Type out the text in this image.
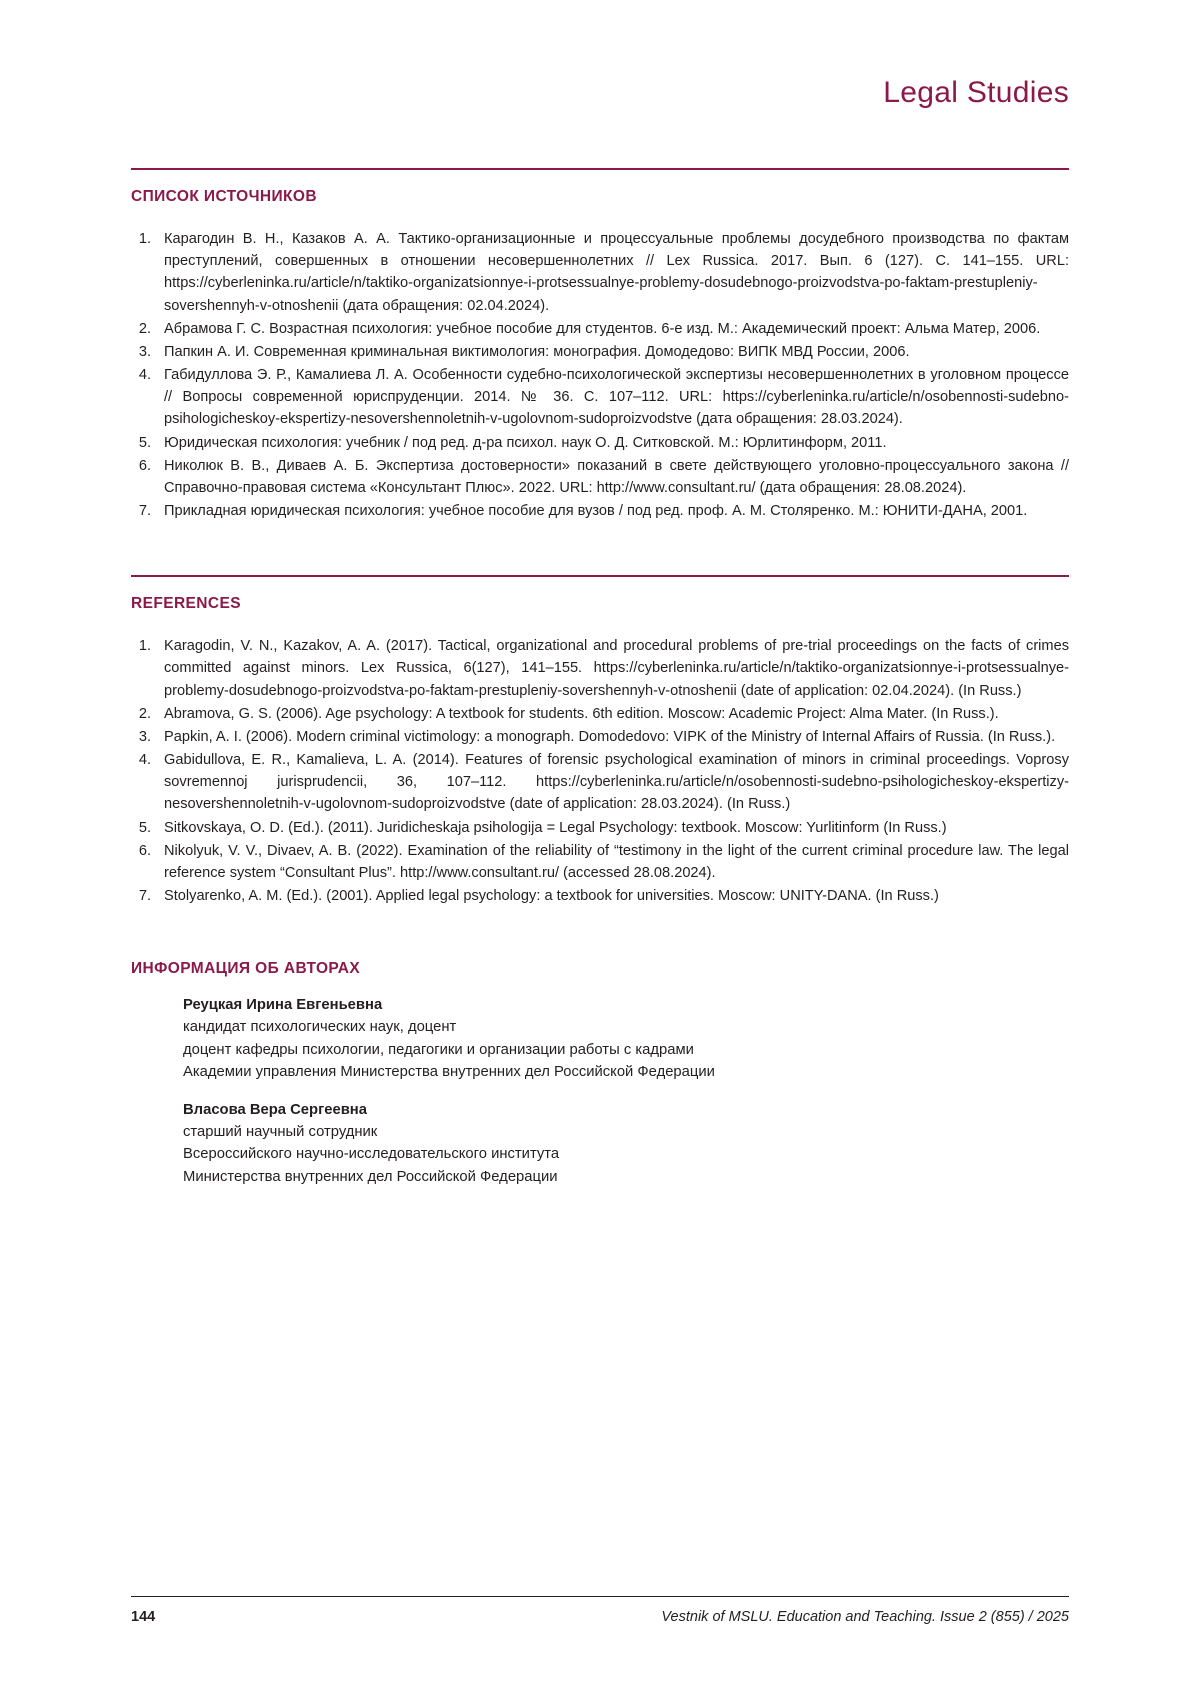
Legal Studies
СПИСОК ИСТОЧНИКОВ
1. Карагодин В. Н., Казаков А. А. Тактико-организационные и процессуальные проблемы досудебного производства по фактам преступлений, совершенных в отношении несовершеннолетних // Lex Russica. 2017. Вып. 6 (127). С. 141–155. URL: https://cyberleninka.ru/article/n/taktiko-organizatsionnye-i-protsessualnye-problemy-dosudebnogo-proizvodstva-po-faktam-prestupleniy-sovershennyh-v-otnoshenii (дата обращения: 02.04.2024).
2. Абрамова Г. С. Возрастная психология: учебное пособие для студентов. 6-е изд. М.: Академический проект: Альма Матер, 2006.
3. Папкин А. И. Современная криминальная виктимология: монография. Домодедово: ВИПК МВД России, 2006.
4. Габидуллова Э. Р., Камалиева Л. А. Особенности судебно-психологической экспертизы несовершеннолетних в уголовном процессе // Вопросы современной юриспруденции. 2014. № 36. С. 107–112. URL: https://cyberleninka.ru/article/n/osobennosti-sudebno-psihologicheskoy-ekspertizy-nesovershennoletnih-v-ugolovnom-sudoproizvodstve (дата обращения: 28.03.2024).
5. Юридическая психология: учебник / под ред. д-ра психол. наук О. Д. Ситковской. М.: Юрлитинформ, 2011.
6. Николюк В. В., Диваев А. Б. Экспертиза достоверности» показаний в свете действующего уголовно-процессуального закона // Справочно-правовая система «Консультант Плюс». 2022. URL: http://www.consultant.ru/ (дата обращения: 28.08.2024).
7. Прикладная юридическая психология: учебное пособие для вузов / под ред. проф. А. М. Столяренко. М.: ЮНИТИ-ДАНА, 2001.
REFERENCES
1. Karagodin, V. N., Kazakov, A. A. (2017). Tactical, organizational and procedural problems of pre-trial proceedings on the facts of crimes committed against minors. Lex Russica, 6(127), 141–155. https://cyberleninka.ru/article/n/taktiko-organizatsionnye-i-protsessualnye-problemy-dosudebnogo-proizvodstva-po-faktam-prestupleniy-sovershennyh-v-otnoshenii (date of application: 02.04.2024). (In Russ.)
2. Abramova, G. S. (2006). Age psychology: A textbook for students. 6th edition. Moscow: Academic Project: Alma Mater. (In Russ.).
3. Papkin, A. I. (2006). Modern criminal victimology: a monograph. Domodedovo: VIPK of the Ministry of Internal Affairs of Russia. (In Russ.).
4. Gabidullova, E. R., Kamalieva, L. A. (2014). Features of forensic psychological examination of minors in criminal proceedings. Voprosy sovremennoj jurisprudencii, 36, 107–112. https://cyberleninka.ru/article/n/osobennosti-sudebno-psihologicheskoy-ekspertizy-nesovershennoletnih-v-ugolovnom-sudoproizvodstve (date of application: 28.03.2024). (In Russ.)
5. Sitkovskaya, O. D. (Ed.). (2011). Juridicheskaja psihologija = Legal Psychology: textbook. Moscow: Yurlitinform (In Russ.)
6. Nikolyuk, V. V., Divaev, A. B. (2022). Examination of the reliability of “testimony in the light of the current criminal procedure law. The legal reference system “Consultant Plus”. http://www.consultant.ru/ (accessed 28.08.2024).
7. Stolyarenko, A. M. (Ed.). (2001). Applied legal psychology: a textbook for universities. Moscow: UNITY-DANA. (In Russ.)
ИНФОРМАЦИЯ ОБ АВТОРАХ
Реуцкая Ирина Евгеньевна
кандидат психологических наук, доцент
доцент кафедры психологии, педагогики и организации работы с кадрами
Академии управления Министерства внутренних дел Российской Федерации
Власова Вера Сергеевна
старший научный сотрудник
Всероссийского научно-исследовательского института
Министерства внутренних дел Российской Федерации
144	Vestnik of MSLU. Education and Teaching. Issue 2 (855) / 2025
